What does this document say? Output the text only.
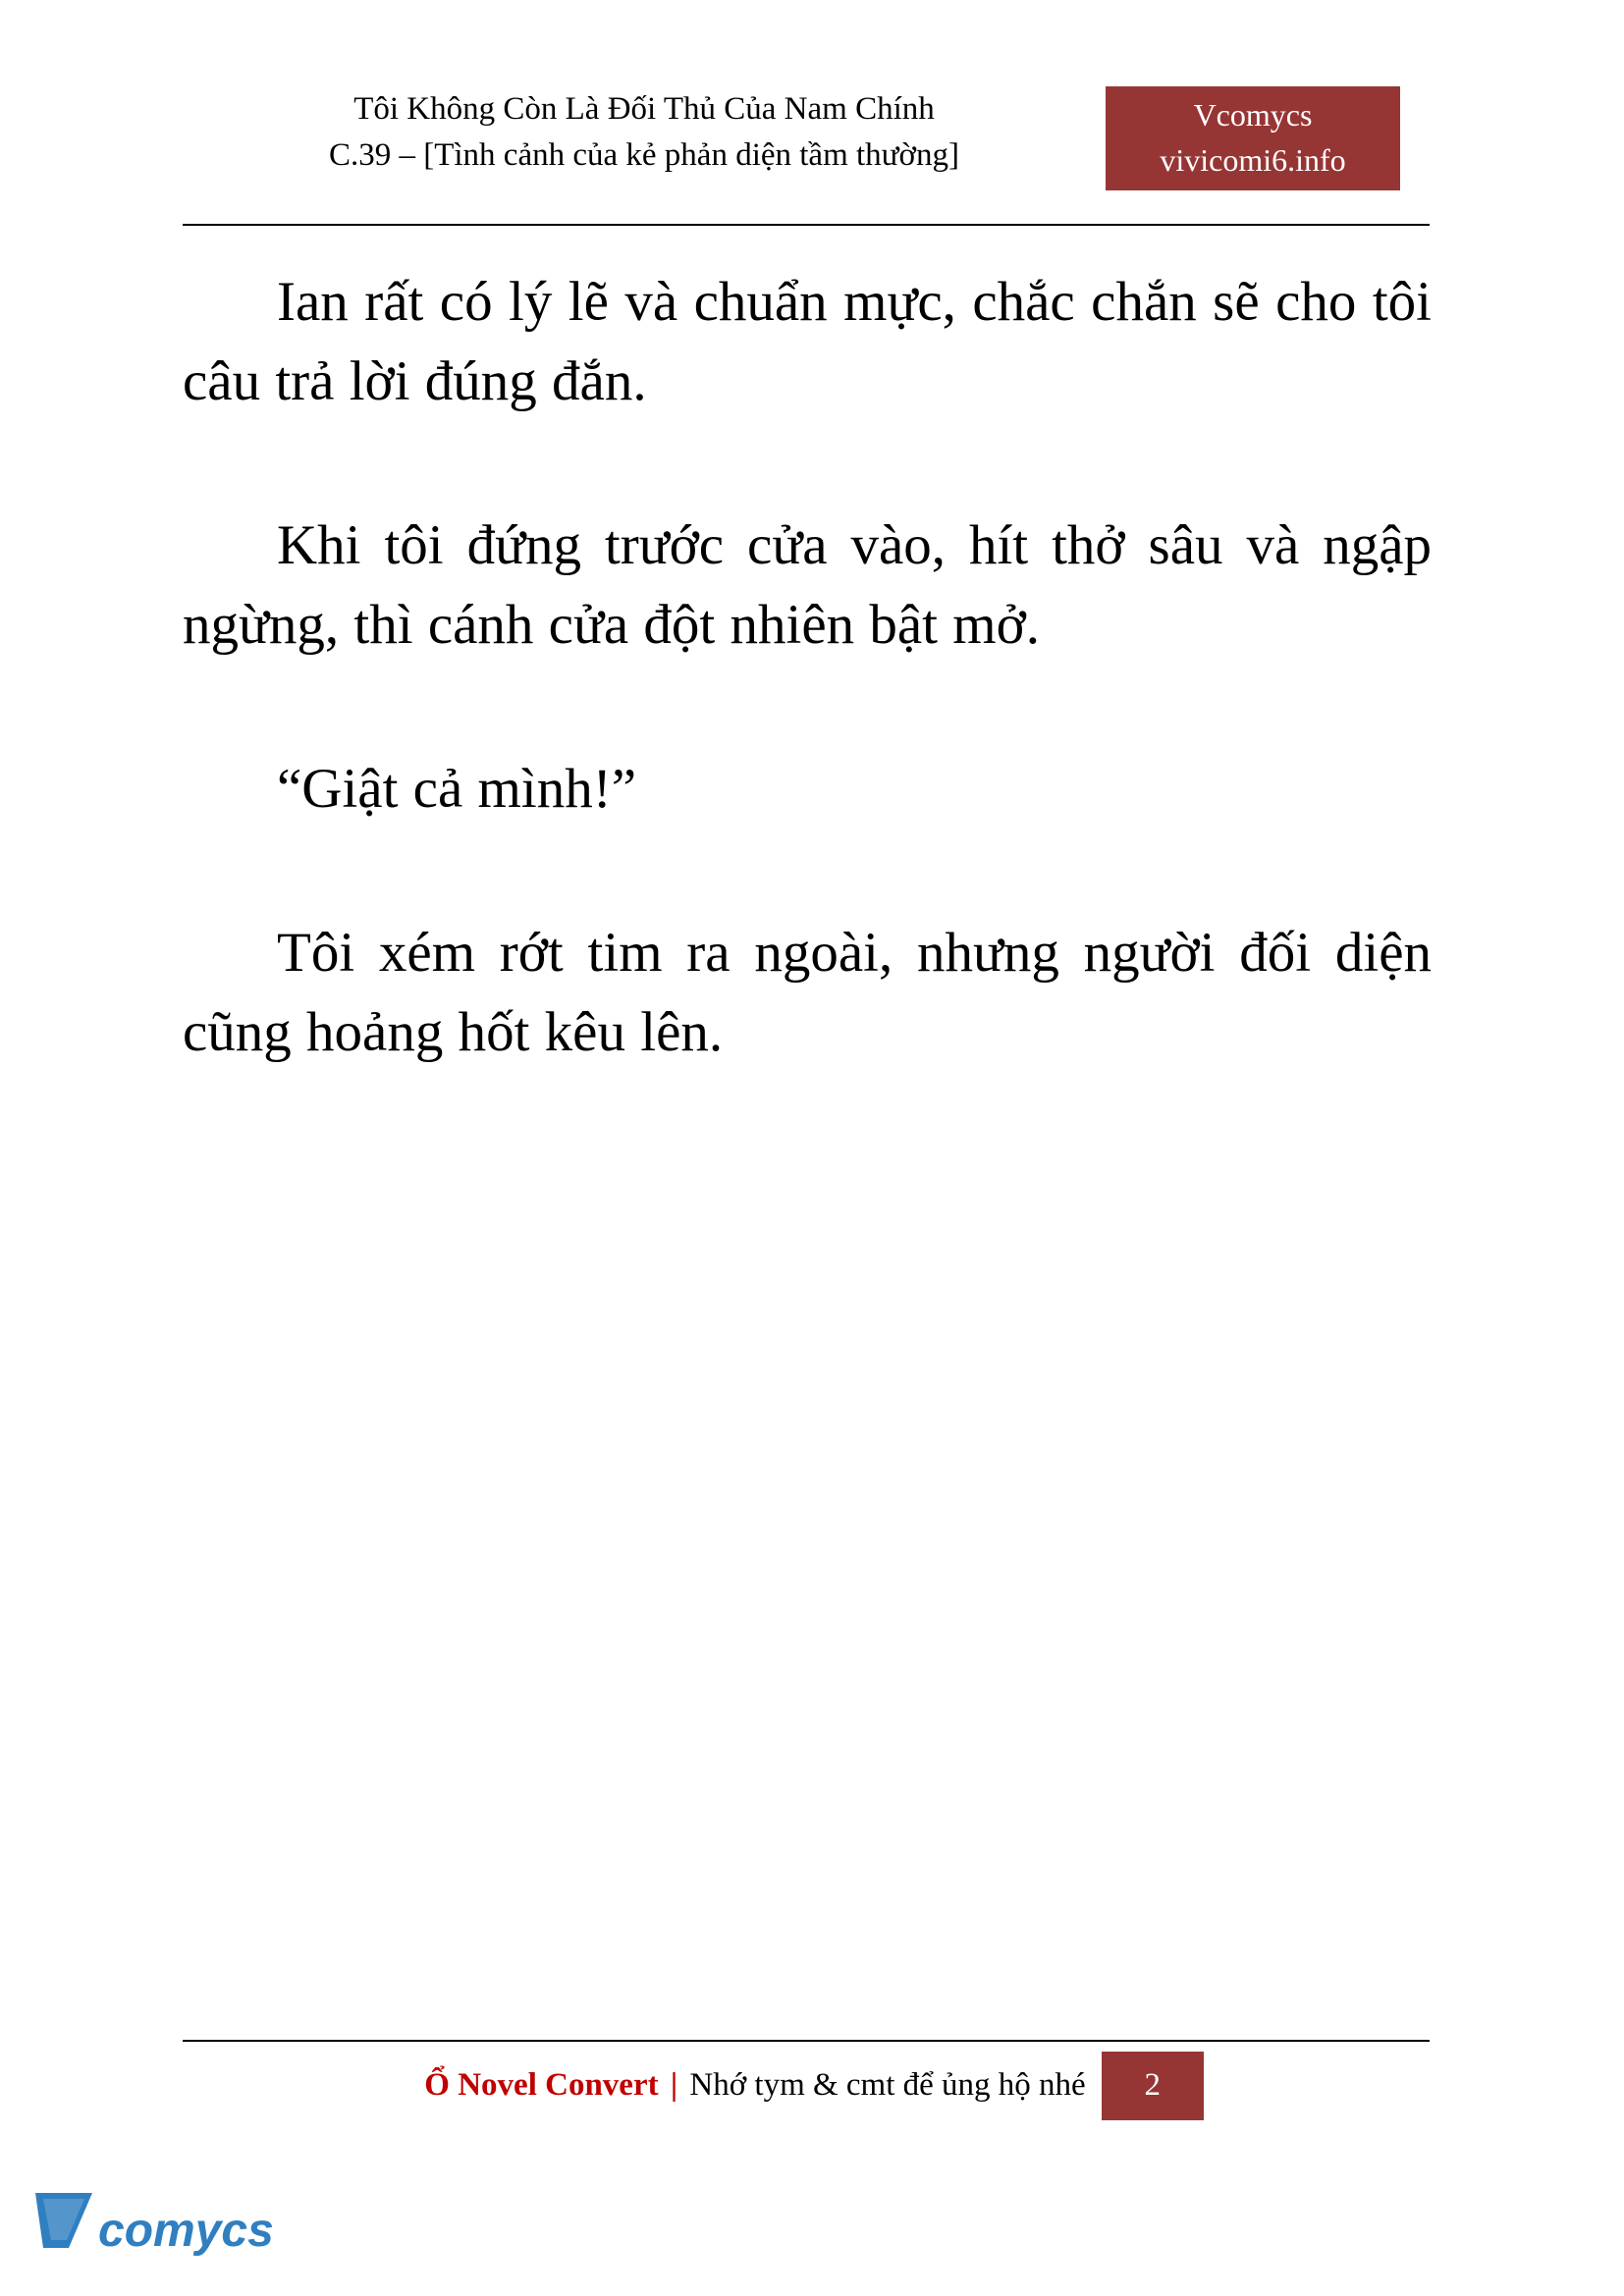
Tôi Không Còn Là Đối Thủ Của Nam Chính
C.39 – [Tình cảnh của kẻ phản diện tầm thường]
Vcomycs
vivicomi6.info

Ian rất có lý lẽ và chuẩn mực, chắc chắn sẽ cho tôi câu trả lời đúng đắn.

Khi tôi đứng trước cửa vào, hít thở sâu và ngập ngừng, thì cánh cửa đột nhiên bật mở.

“Giật cả mình!”

Tôi xém rớt tim ra ngoài, nhưng người đối diện cũng hoảng hốt kêu lên.

Ổ Novel Convert | Nhớ tym & cmt để ủng hộ nhé	2
comycs
